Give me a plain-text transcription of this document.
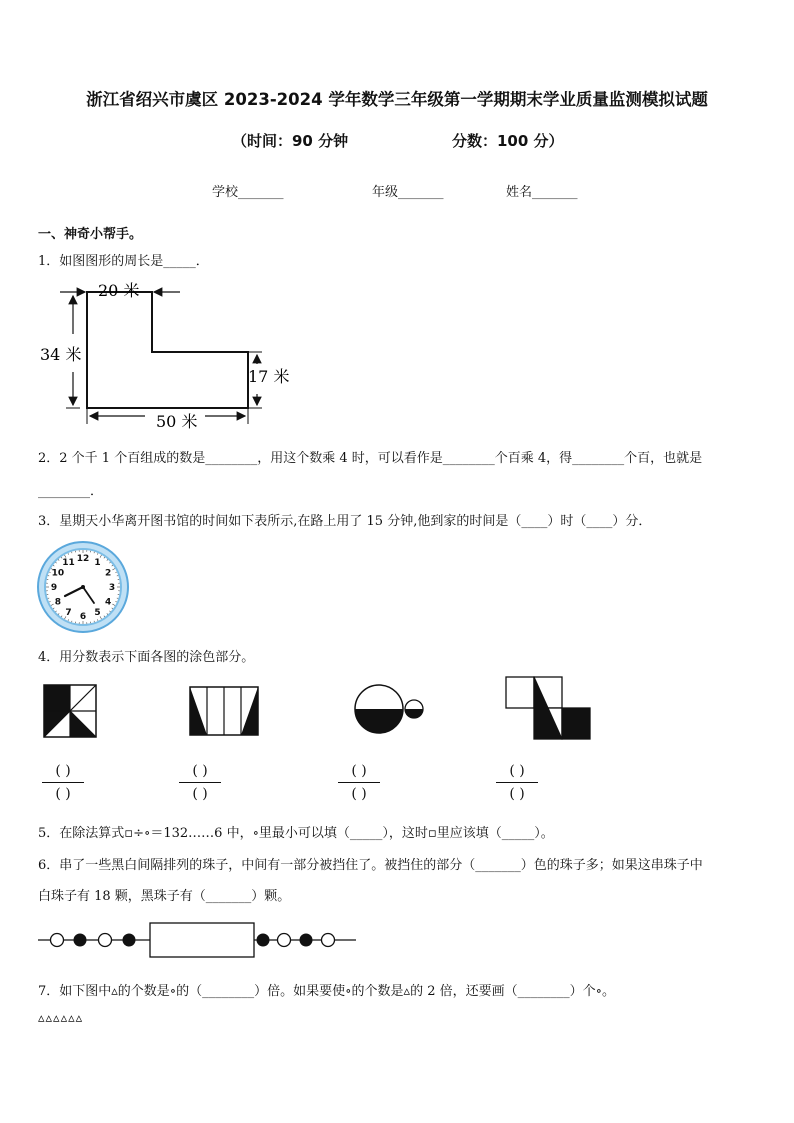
浙江省绍兴市虞区 2023-2024 学年数学三年级第一学期期末学业质量监测模拟试题
（时间：90 分钟	分数：100 分）
学校_______	年级_______	姓名_______
一、神奇小帮手。
1．如图图形的周长是_____．
20 米
34 米
17 米
50 米
2．2 个千 1 个百组成的数是________，用这个数乘 4 时，可以看作是________个百乘 4，得________个百，也就是
________．
3．星期天小华离开图书馆的时间如下表所示,在路上用了 15 分钟,他到家的时间是（____）时（____）分．
12 1
2
3
4
5
6
7
8
9
10
11
4．用分数表示下面各图的涂色部分。
( )
( )
( )
( )
( )
( )
( )
( )
5．在除法算式▫÷∘＝132……6 中，∘里最小可以填（_____），这时▫里应该填（_____）。
6．串了一些黑白间隔排列的珠子，中间有一部分被挡住了。被挡住的部分（_______）色的珠子多；如果这串珠子中
白珠子有 18 颗，黑珠子有（_______）颗。
7．如下图中▵的个数是∘的（________）倍。如果要使∘的个数是▵的 2 倍，还要画（________）个∘。
▵▵▵▵▵▵
